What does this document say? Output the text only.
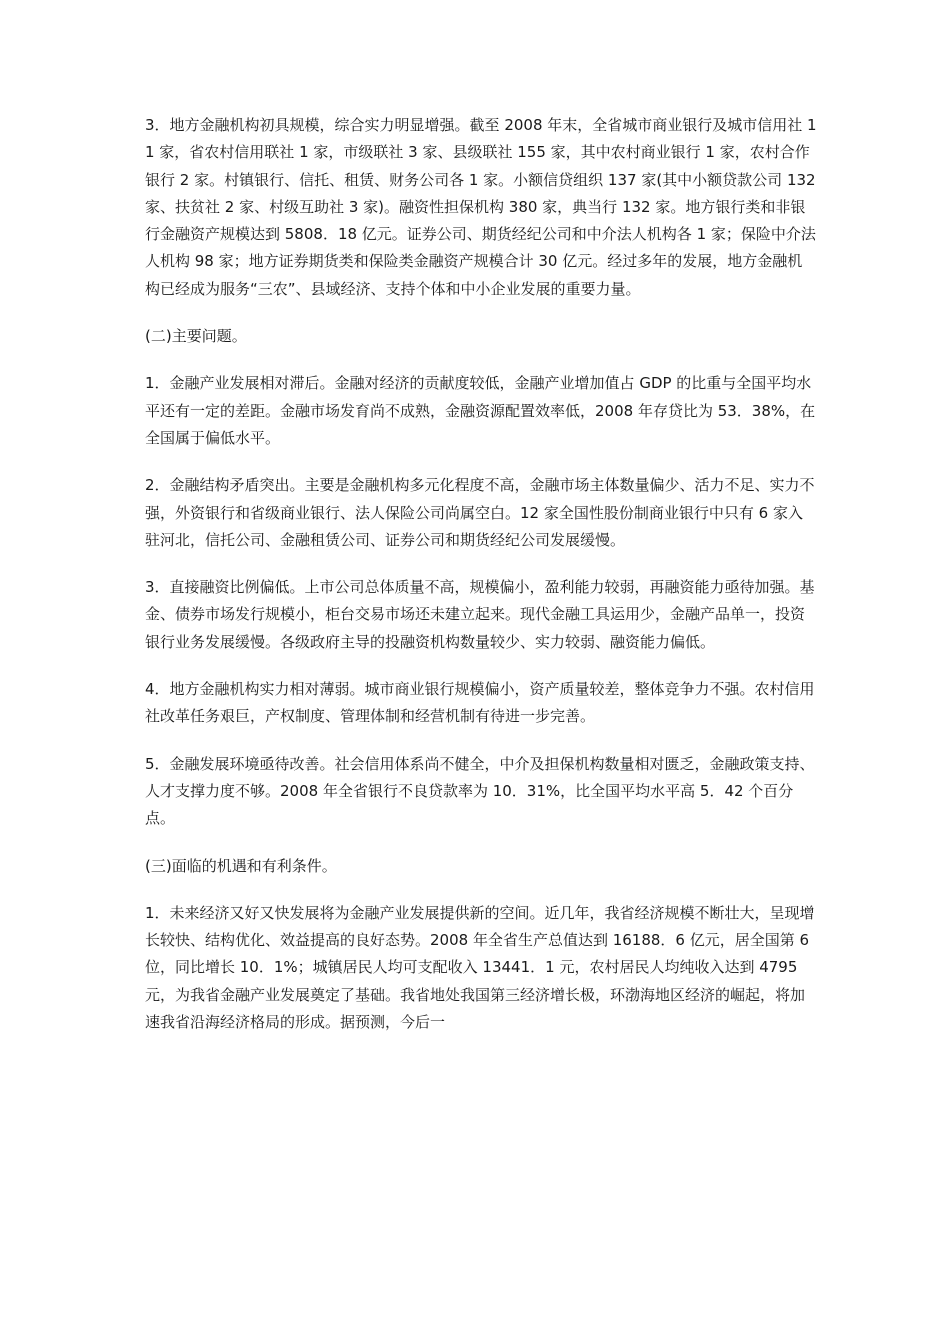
3．地方金融机构初具规模，综合实力明显增强。截至 2008 年末，全省城市商业银行及城市信用社 11 家，省农村信用联社 1 家，市级联社 3 家、县级联社 155 家，其中农村商业银行 1 家，农村合作银行 2 家。村镇银行、信托、租赁、财务公司各 1 家。小额信贷组织 137 家(其中小额贷款公司 132 家、扶贫社 2 家、村级互助社 3 家)。融资性担保机构 380 家，典当行 132 家。地方银行类和非银行金融资产规模达到 5808．18 亿元。证券公司、期货经纪公司和中介法人机构各 1 家；保险中介法人机构 98 家；地方证券期货类和保险类金融资产规模合计 30 亿元。经过多年的发展，地方金融机构已经成为服务“三农”、县域经济、支持个体和中小企业发展的重要力量。

(二)主要问题。

1．金融产业发展相对滞后。金融对经济的贡献度较低，金融产业增加值占 GDP 的比重与全国平均水平还有一定的差距。金融市场发育尚不成熟，金融资源配置效率低，2008 年存贷比为 53．38%，在全国属于偏低水平。

2．金融结构矛盾突出。主要是金融机构多元化程度不高，金融市场主体数量偏少、活力不足、实力不强，外资银行和省级商业银行、法人保险公司尚属空白。12 家全国性股份制商业银行中只有 6 家入驻河北，信托公司、金融租赁公司、证券公司和期货经纪公司发展缓慢。

3．直接融资比例偏低。上市公司总体质量不高，规模偏小，盈利能力较弱，再融资能力亟待加强。基金、债券市场发行规模小，柜台交易市场还未建立起来。现代金融工具运用少，金融产品单一，投资银行业务发展缓慢。各级政府主导的投融资机构数量较少、实力较弱、融资能力偏低。

4．地方金融机构实力相对薄弱。城市商业银行规模偏小，资产质量较差，整体竞争力不强。农村信用社改革任务艰巨，产权制度、管理体制和经营机制有待进一步完善。

5．金融发展环境亟待改善。社会信用体系尚不健全，中介及担保机构数量相对匮乏，金融政策支持、人才支撑力度不够。2008 年全省银行不良贷款率为 10．31%，比全国平均水平高 5．42 个百分点。

(三)面临的机遇和有利条件。

1．未来经济又好又快发展将为金融产业发展提供新的空间。近几年，我省经济规模不断壮大，呈现增长较快、结构优化、效益提高的良好态势。2008 年全省生产总值达到 16188．6 亿元，居全国第 6 位，同比增长 10．1%；城镇居民人均可支配收入 13441．1 元，农村居民人均纯收入达到 4795 元，为我省金融产业发展奠定了基础。我省地处我国第三经济增长极，环渤海地区经济的崛起，将加速我省沿海经济格局的形成。据预测，今后一
